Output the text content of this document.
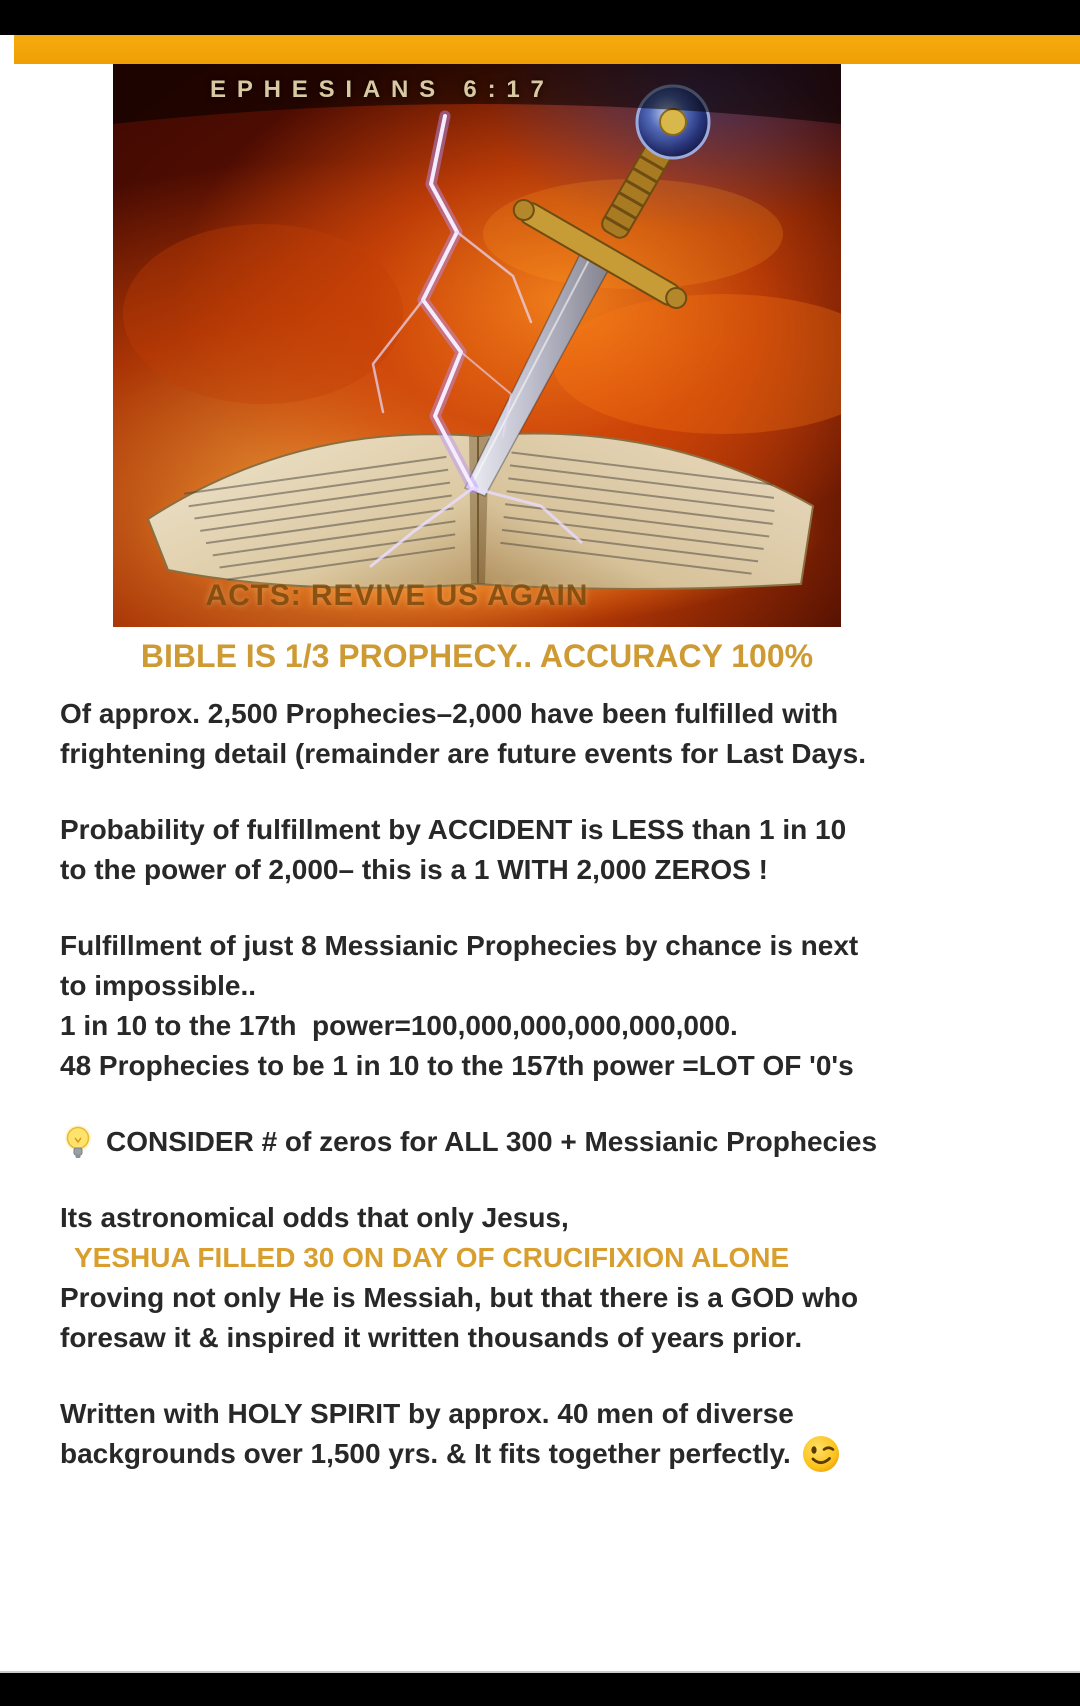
EPHESIANS 6:17
ACTS: REVIVE US AGAIN
BIBLE IS 1/3 PROPHECY.. ACCURACY 100%

Of approx. 2,500 Prophecies–2,000 have been fulfilled with
frightening detail (remainder are future events for Last Days.

Probability of fulfillment by ACCIDENT is LESS than 1 in 10
to the power of 2,000– this is a 1 WITH 2,000 ZEROS !

Fulfillment of just 8 Messianic Prophecies by chance is next
to impossible..
1 in 10 to the 17th  power=100,000,000,000,000,000.
48 Prophecies to be 1 in 10 to the 157th power =LOT OF '0's

CONSIDER # of zeros for ALL 300 + Messianic Prophecies

Its astronomical odds that only Jesus,
YESHUA FILLED 30 ON DAY OF CRUCIFIXION ALONE
Proving not only He is Messiah, but that there is a GOD who
foresaw it & inspired it written thousands of years prior.

Written with HOLY SPIRIT by approx. 40 men of diverse
backgrounds over 1,500 yrs. & It fits together perfectly.
